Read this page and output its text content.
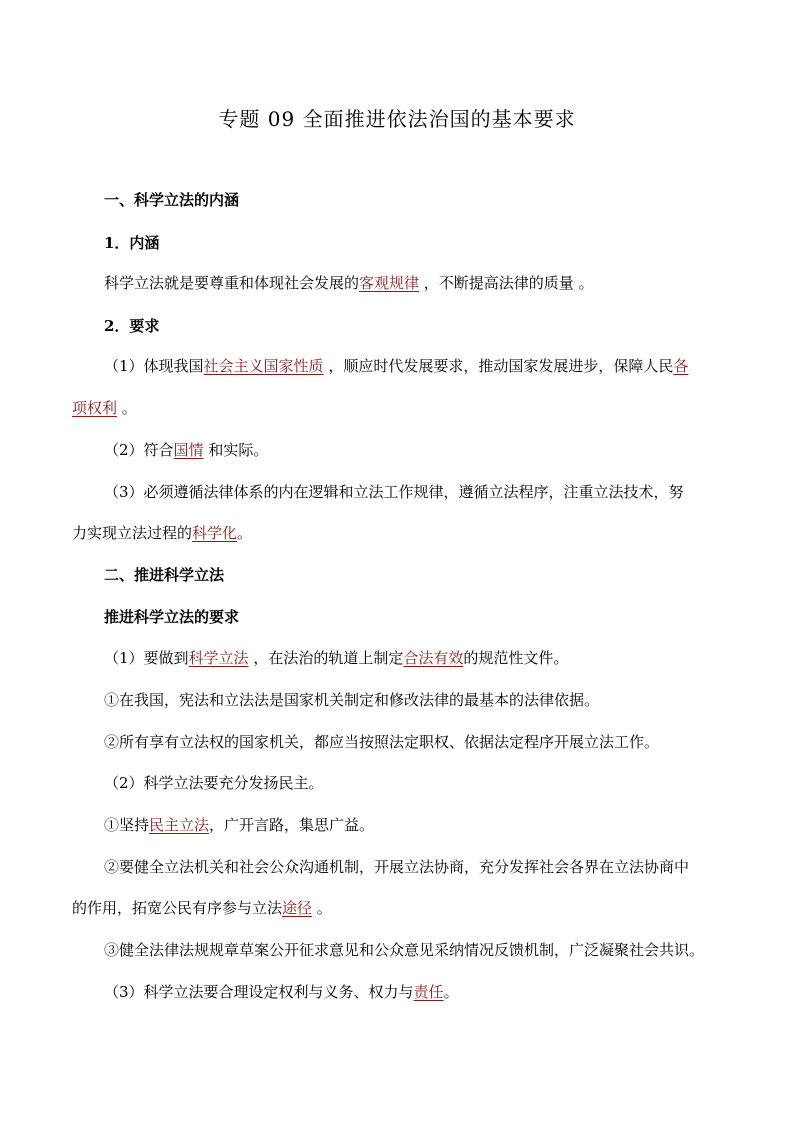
专题 09 全面推进依法治国的基本要求
一、科学立法的内涵
1．内涵
科学立法就是要尊重和体现社会发展的客观规律 ，不断提高法律的质量 。
2．要求
（1）体现我国社会主义国家性质 ，顺应时代发展要求，推动国家发展进步，保障人民各
项权利 。
（2）符合国情 和实际。
（3）必须遵循法律体系的内在逻辑和立法工作规律，遵循立法程序，注重立法技术，努
力实现立法过程的科学化。
二、推进科学立法
推进科学立法的要求
（1）要做到科学立法 ，在法治的轨道上制定合法有效的规范性文件。
①在我国，宪法和立法法是国家机关制定和修改法律的最基本的法律依据。
②所有享有立法权的国家机关，都应当按照法定职权、依据法定程序开展立法工作。
（2）科学立法要充分发扬民主。
①坚持民主立法，广开言路，集思广益。
②要健全立法机关和社会公众沟通机制，开展立法协商，充分发挥社会各界在立法协商中
的作用，拓宽公民有序参与立法途径 。
③健全法律法规规章草案公开征求意见和公众意见采纳情况反馈机制，广泛凝聚社会共识。
（3）科学立法要合理设定权利与义务、权力与责任。
